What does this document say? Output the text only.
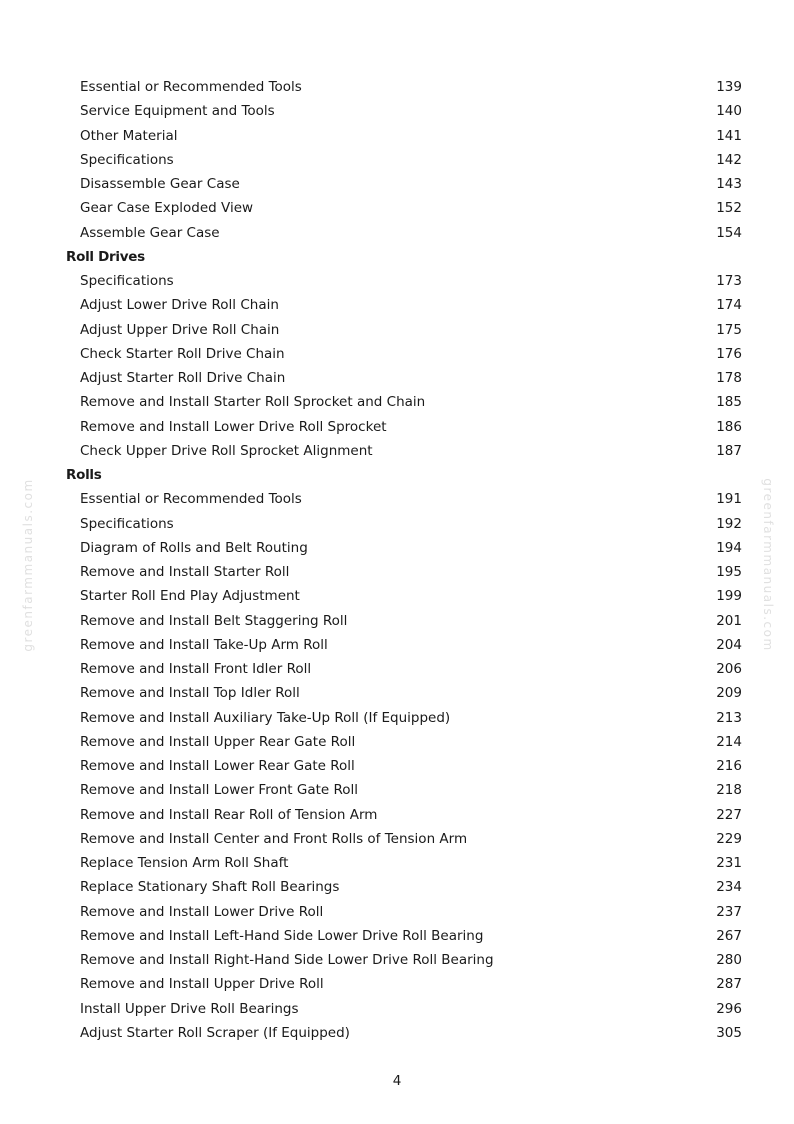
greenfarmmanuals.com	greenfarmmanuals.com
Essential or Recommended Tools	139
Service Equipment and Tools	140
Other Material	141
Specifications	142
Disassemble Gear Case	143
Gear Case Exploded View	152
Assemble Gear Case	154
Roll Drives
Specifications	173
Adjust Lower Drive Roll Chain	174
Adjust Upper Drive Roll Chain	175
Check Starter Roll Drive Chain	176
Adjust Starter Roll Drive Chain	178
Remove and Install Starter Roll Sprocket and Chain	185
Remove and Install Lower Drive Roll Sprocket	186
Check Upper Drive Roll Sprocket Alignment	187
Rolls
Essential or Recommended Tools	191
Specifications	192
Diagram of Rolls and Belt Routing	194
Remove and Install Starter Roll	195
Starter Roll End Play Adjustment	199
Remove and Install Belt Staggering Roll	201
Remove and Install Take-Up Arm Roll	204
Remove and Install Front Idler Roll	206
Remove and Install Top Idler Roll	209
Remove and Install Auxiliary Take-Up Roll (If Equipped)	213
Remove and Install Upper Rear Gate Roll	214
Remove and Install Lower Rear Gate Roll	216
Remove and Install Lower Front Gate Roll	218
Remove and Install Rear Roll of Tension Arm	227
Remove and Install Center and Front Rolls of Tension Arm	229
Replace Tension Arm Roll Shaft	231
Replace Stationary Shaft Roll Bearings	234
Remove and Install Lower Drive Roll	237
Remove and Install Left-Hand Side Lower Drive Roll Bearing	267
Remove and Install Right-Hand Side Lower Drive Roll Bearing	280
Remove and Install Upper Drive Roll	287
Install Upper Drive Roll Bearings	296
Adjust Starter Roll Scraper (If Equipped)	305
4
